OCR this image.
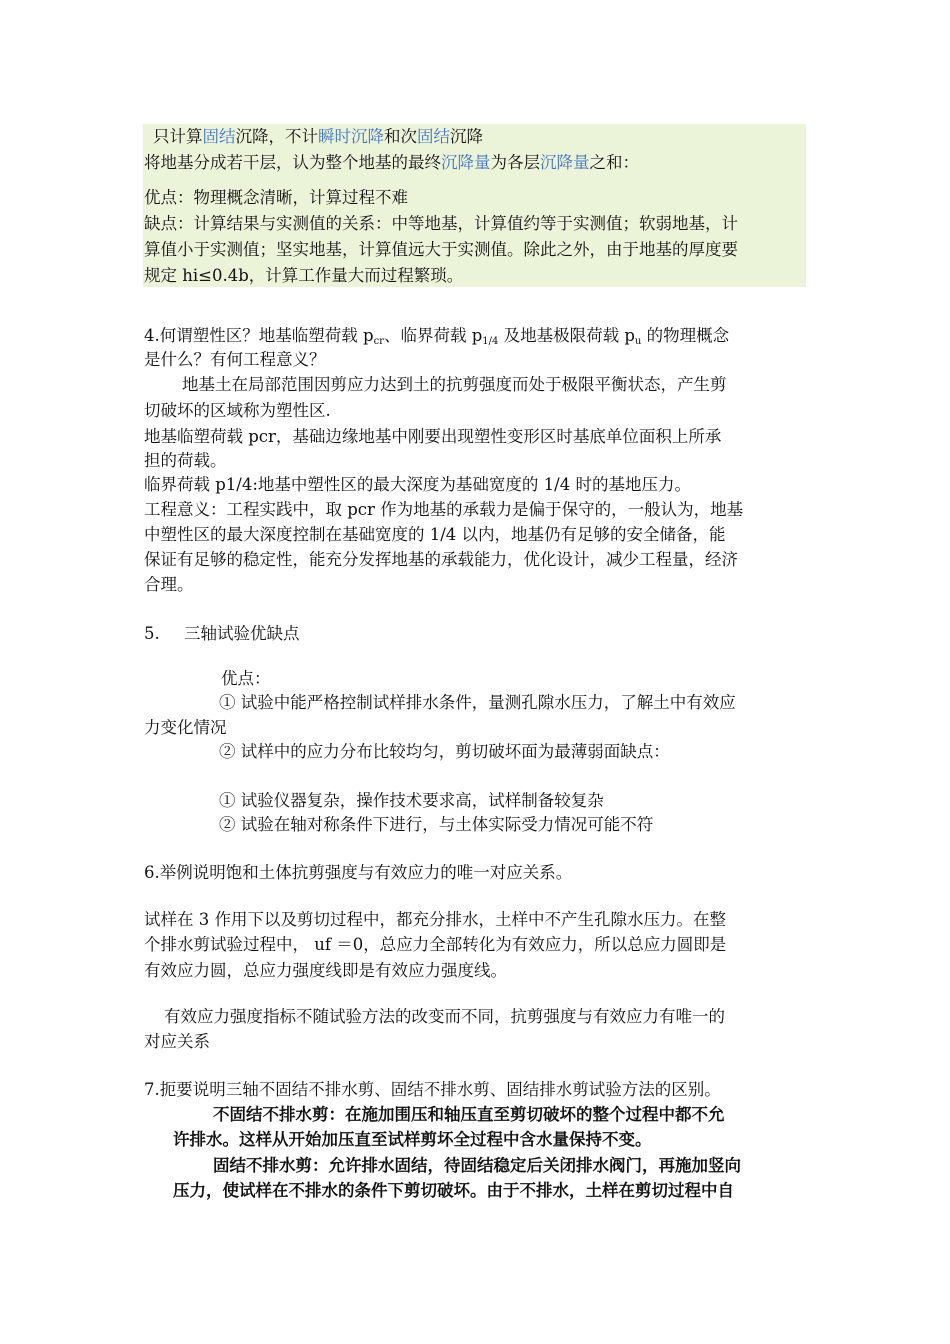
只计算固结沉降，不计瞬时沉降和次固结沉降
将地基分成若干层，认为整个地基的最终沉降量为各层沉降量之和：
优点：物理概念清晰，计算过程不难
缺点：计算结果与实测值的关系：中等地基，计算值约等于实测值；软弱地基，计
算值小于实测值；坚实地基，计算值远大于实测值。除此之外，由于地基的厚度要
规定 hi≤0.4b，计算工作量大而过程繁琐。
4.何谓塑性区？地基临塑荷载 $p_{cr}$、临界荷载 $p_{1/4}$ 及地基极限荷载 $p_u$ 的物理概念
是什么？有何工程意义？
地基土在局部范围因剪应力达到土的抗剪强度而处于极限平衡状态，产生剪
切破坏的区域称为塑性区.
地基临塑荷载 pcr，基础边缘地基中刚要出现塑性变形区时基底单位面积上所承
担的荷载。
临界荷载 p1/4:地基中塑性区的最大深度为基础宽度的 1/4 时的基地压力。
工程意义：工程实践中，取 pcr 作为地基的承载力是偏于保守的，一般认为，地基
中塑性区的最大深度控制在基础宽度的 1/4 以内，地基仍有足够的安全储备，能
保证有足够的稳定性，能充分发挥地基的承载能力，优化设计，减少工程量，经济
合理。
5.	三轴试验优缺点
优点：
① 试验中能严格控制试样排水条件，量测孔隙水压力，了解土中有效应
力变化情况
② 试样中的应力分布比较均匀，剪切破坏面为最薄弱面缺点：
① 试验仪器复杂，操作技术要求高，试样制备较复杂
② 试验在轴对称条件下进行，与土体实际受力情况可能不符
6.举例说明饱和土体抗剪强度与有效应力的唯一对应关系。
试样在 3 作用下以及剪切过程中，都充分排水，土样中不产生孔隙水压力。在整
个排水剪试验过程中， uf ＝0，总应力全部转化为有效应力，所以总应力圆即是
有效应力圆，总应力强度线即是有效应力强度线。
有效应力强度指标不随试验方法的改变而不同，抗剪强度与有效应力有唯一的
对应关系
7.扼要说明三轴不固结不排水剪、固结不排水剪、固结排水剪试验方法的区别。
不固结不排水剪：在施加围压和轴压直至剪切破坏的整个过程中都不允
许排水。这样从开始加压直至试样剪坏全过程中含水量保持不变。
固结不排水剪：允许排水固结，待固结稳定后关闭排水阀门，再施加竖向
压力，使试样在不排水的条件下剪切破坏。由于不排水，土样在剪切过程中自
